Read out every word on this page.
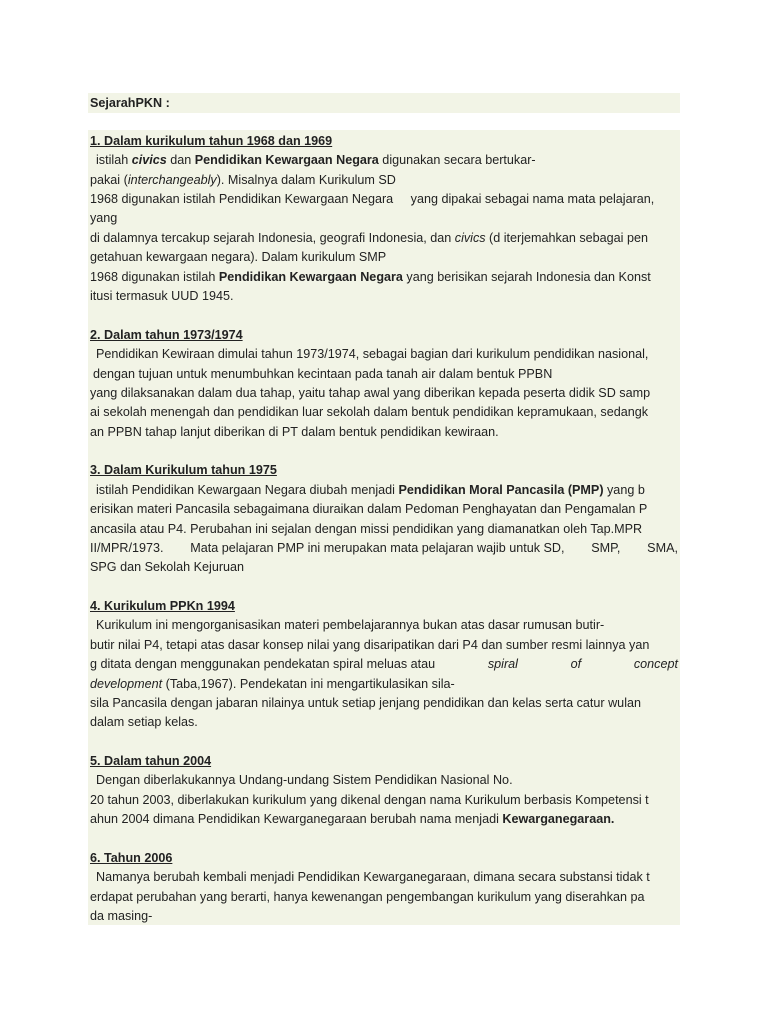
SejarahPKN :
1. Dalam kurikulum tahun 1968 dan 1969
istilah civics dan Pendidikan Kewargaan Negara digunakan secara bertukar-
pakai (interchangeably). Misalnya dalam Kurikulum SD
1968 digunakan istilah Pendidikan Kewargaan Negara     yang dipakai sebagai nama mata pelajaran,
yang
di dalamnya tercakup sejarah Indonesia, geografi Indonesia, dan civics (d iterjemahkan sebagai pen
getahuan kewargaan negara). Dalam kurikulum SMP
1968 digunakan istilah Pendidikan Kewargaan Negara yang berisikan sejarah Indonesia dan Konst
itusi termasuk UUD 1945.
2. Dalam tahun 1973/1974
Pendidikan Kewiraan dimulai tahun 1973/1974, sebagai bagian dari kurikulum pendidikan nasional,
dengan tujuan untuk menumbuhkan kecintaan pada tanah air dalam bentuk PPBN
yang dilaksanakan dalam dua tahap, yaitu tahap awal yang diberikan kepada peserta didik SD samp
ai sekolah menengah dan pendidikan luar sekolah dalam bentuk pendidikan kepramukaan, sedangk
an PPBN tahap lanjut diberikan di PT dalam bentuk pendidikan kewiraan.
3. Dalam Kurikulum tahun 1975
istilah Pendidikan Kewargaan Negara diubah menjadi Pendidikan Moral Pancasila (PMP) yang b
erisikan materi Pancasila sebagaimana diuraikan dalam Pedoman Penghayatan dan Pengamalan P
ancasila atau P4. Perubahan ini sejalan dengan missi pendidikan yang diamanatkan oleh Tap.MPR
II/MPR/1973. Mata pelajaran PMP ini merupakan mata pelajaran wajib untuk SD, SMP, SMA,
SPG dan Sekolah Kejuruan
4. Kurikulum PPKn 1994
Kurikulum ini mengorganisasikan materi pembelajarannya bukan atas dasar rumusan butir-
butir nilai P4, tetapi atas dasar konsep nilai yang disaripatikan dari P4 dan sumber resmi lainnya yan
g ditata dengan menggunakan pendekatan spiral meluas atau	spiral	of	concept
development (Taba,1967). Pendekatan ini mengartikulasikan sila-
sila Pancasila dengan jabaran nilainya untuk setiap jenjang pendidikan dan kelas serta catur wulan
dalam setiap kelas.
5. Dalam tahun 2004
Dengan diberlakukannya Undang-undang Sistem Pendidikan Nasional No.
20 tahun 2003, diberlakukan kurikulum yang dikenal dengan nama Kurikulum berbasis Kompetensi t
ahun 2004 dimana Pendidikan Kewarganegaraan berubah nama menjadi Kewarganegaraan.
6. Tahun 2006
Namanya berubah kembali menjadi Pendidikan Kewarganegaraan, dimana secara substansi tidak t
erdapat perubahan yang berarti, hanya kewenangan pengembangan kurikulum yang diserahkan pa
da masing-
